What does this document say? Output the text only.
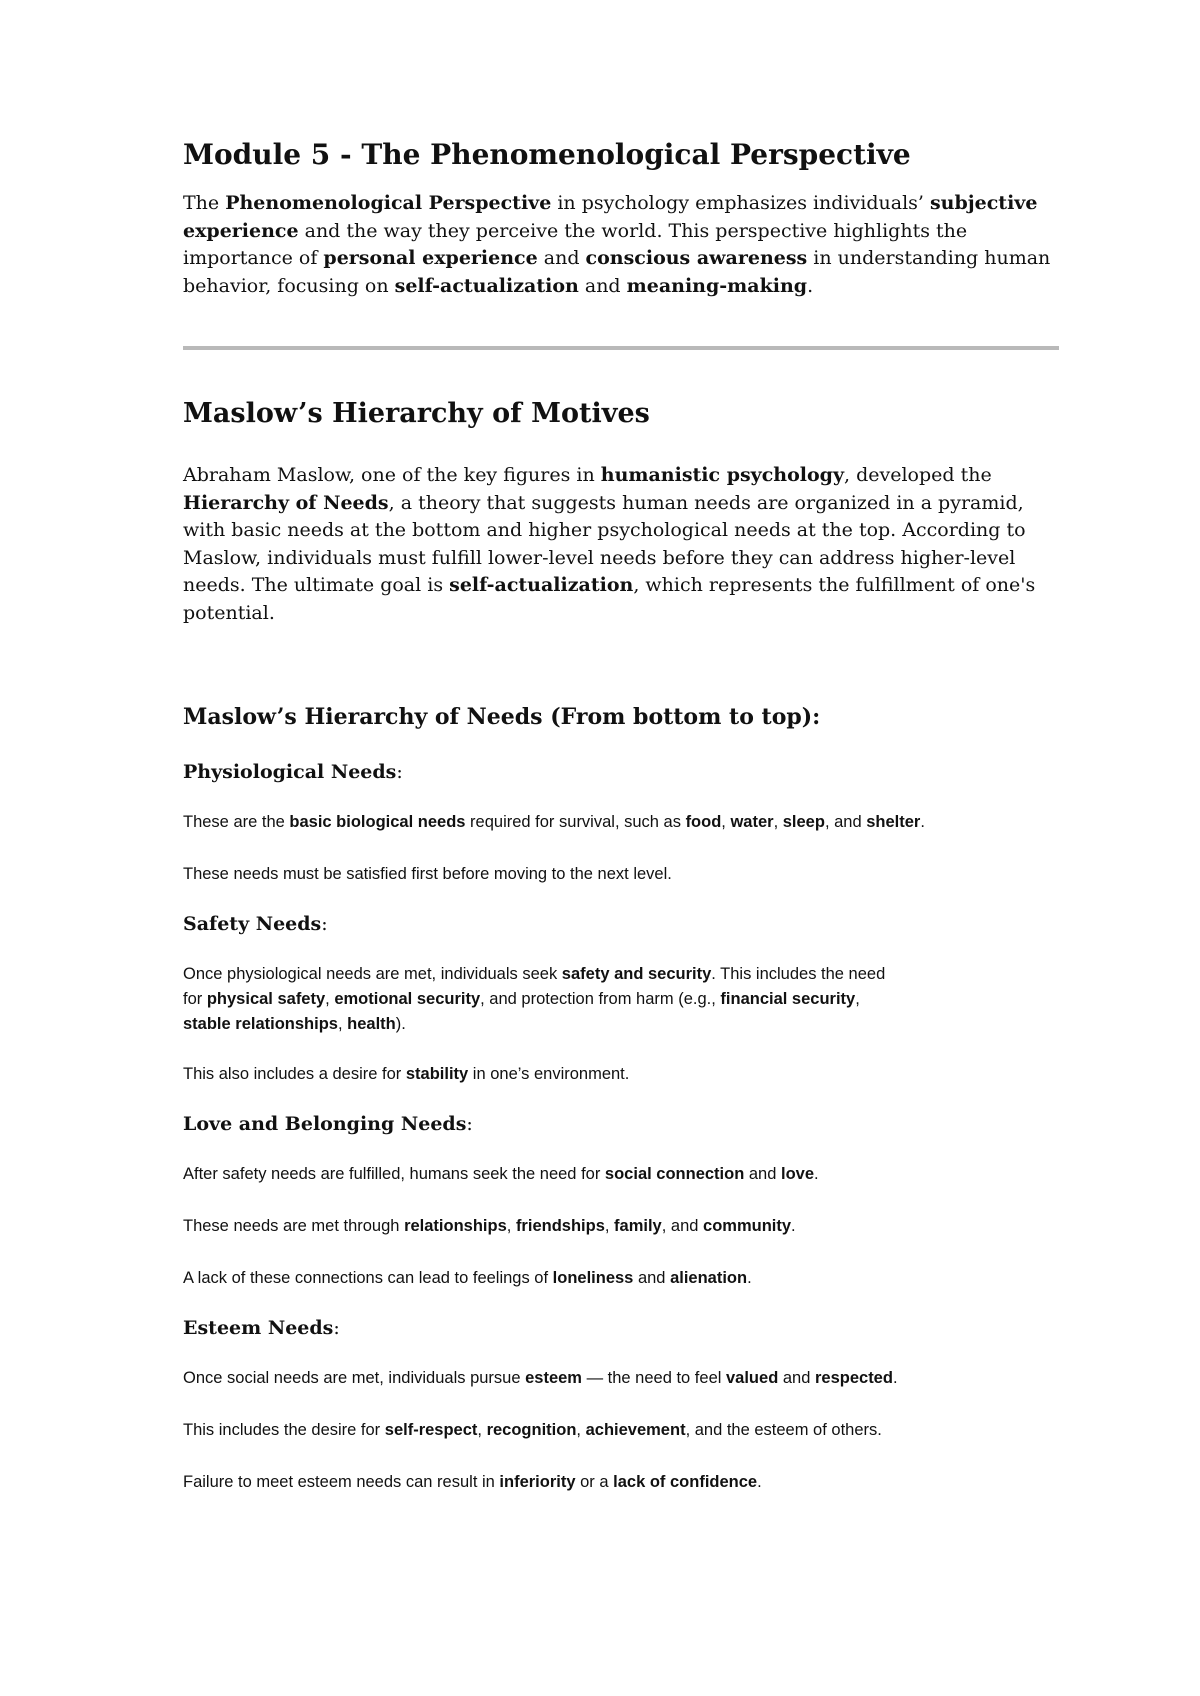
Module 5 - The Phenomenological Perspective

The Phenomenological Perspective in psychology emphasizes individuals’ subjective experience and the way they perceive the world. This perspective highlights the importance of personal experience and conscious awareness in understanding human behavior, focusing on self-actualization and meaning-making.

Maslow’s Hierarchy of Motives

Abraham Maslow, one of the key figures in humanistic psychology, developed the Hierarchy of Needs, a theory that suggests human needs are organized in a pyramid, with basic needs at the bottom and higher psychological needs at the top. According to Maslow, individuals must fulfill lower-level needs before they can address higher-level needs. The ultimate goal is self-actualization, which represents the fulfillment of one's potential.

Maslow’s Hierarchy of Needs (From bottom to top):
Physiological Needs:

These are the basic biological needs required for survival, such as food, water, sleep, and shelter.

These needs must be satisfied first before moving to the next level.

Safety Needs:

Once physiological needs are met, individuals seek safety and security. This includes the need for physical safety, emotional security, and protection from harm (e.g., financial security, stable relationships, health).

This also includes a desire for stability in one’s environment.

Love and Belonging Needs:

After safety needs are fulfilled, humans seek the need for social connection and love.

These needs are met through relationships, friendships, family, and community.

A lack of these connections can lead to feelings of loneliness and alienation.

Esteem Needs:

Once social needs are met, individuals pursue esteem — the need to feel valued and respected.

This includes the desire for self-respect, recognition, achievement, and the esteem of others.

Failure to meet esteem needs can result in inferiority or a lack of confidence.
